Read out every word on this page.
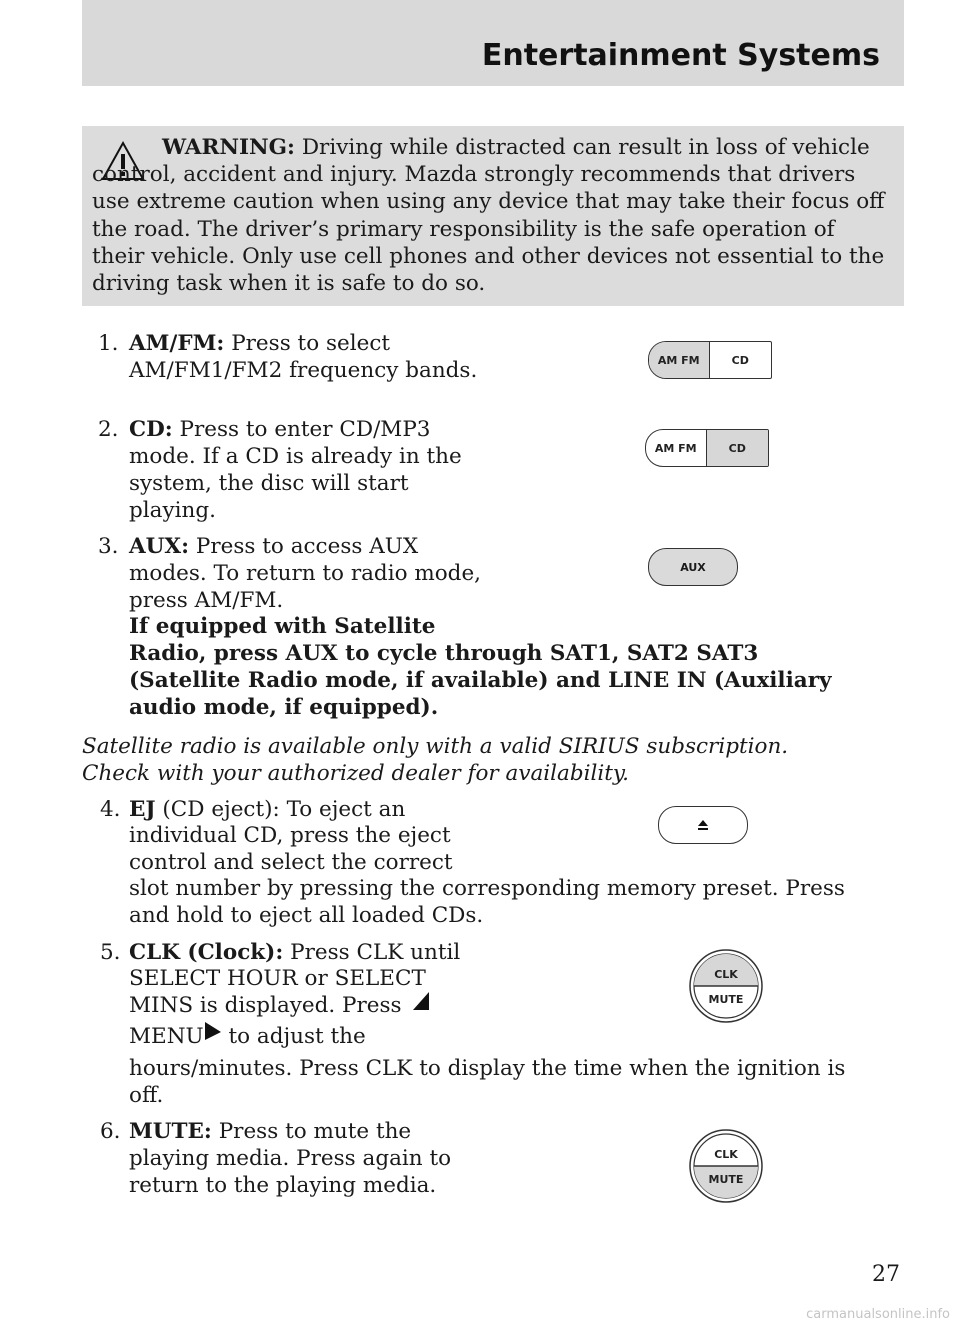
Entertainment Systems
WARNING: Driving while distracted can result in loss of vehicle control, accident and injury. Mazda strongly recommends that drivers use extreme caution when using any device that may take their focus off the road. The driver’s primary responsibility is the safe operation of their vehicle. Only use cell phones and other devices not essential to the driving task when it is safe to do so.
1. AM/FM: Press to select
AM/FM1/FM2 frequency bands.	AM FM	CD
2. CD: Press to enter CD/MP3
mode. If a CD is already in the
system, the disc will start
playing.
AM FM	CD
3. AUX: Press to access AUX
modes. To return to radio mode,
press AM/FM.
If equipped with Satellite
Radio, press AUX to cycle through SAT1, SAT2 SAT3
(Satellite Radio mode, if available) and LINE IN (Auxiliary
audio mode, if equipped).
AUX
Satellite radio is available only with a valid SIRIUS subscription.
Check with your authorized dealer for availability.
4. EJ (CD eject): To eject an
individual CD, press the eject
control and select the correct
slot number by pressing the corresponding memory preset. Press
and hold to eject all loaded CDs.
5. CLK (Clock): Press CLK until
SELECT HOUR or SELECT
MINS is displayed. Press
MENU to adjust the
hours/minutes. Press CLK to display the time when the ignition is
off.
CLK
MUTE
6. MUTE: Press to mute the
playing media. Press again to
return to the playing media.
CLK
MUTE
27
carmanualsonline.info
